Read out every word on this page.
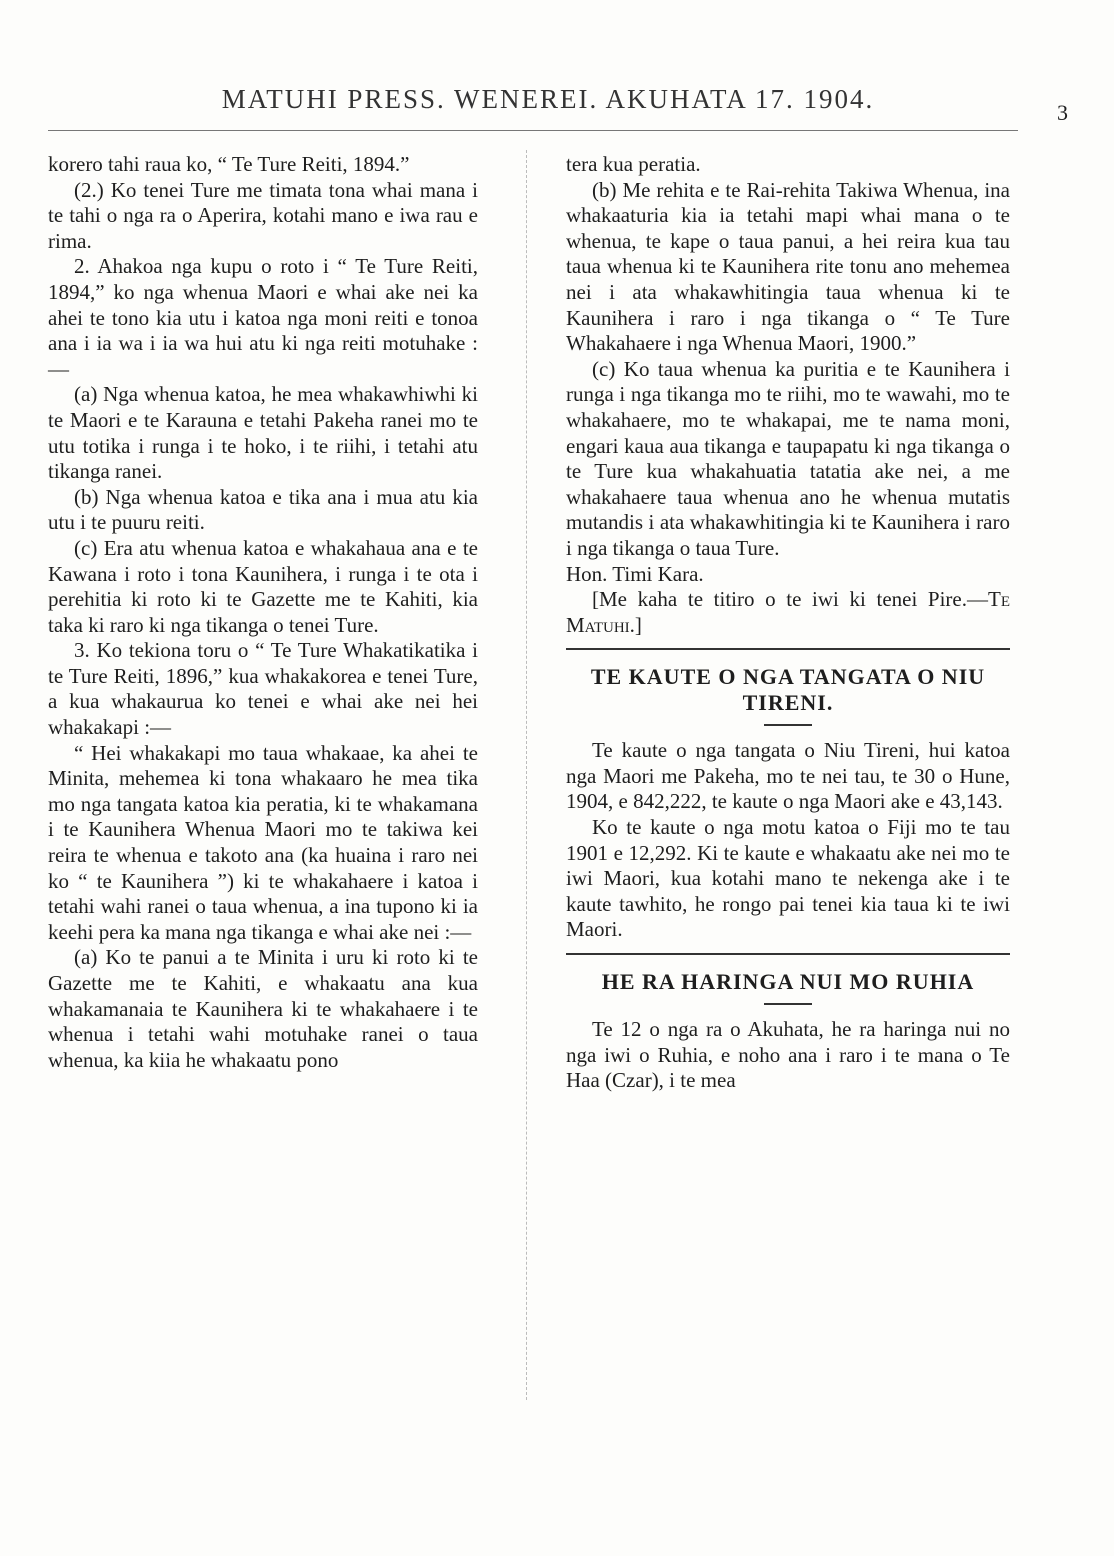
MATUHI PRESS. WENEREI. AKUHATA 17. 1904.	3

korero tahi raua ko, “ Te Ture Reiti, 1894.”

(2.) Ko tenei Ture me timata tona whai mana i te tahi o nga ra o Aperira, kotahi mano e iwa rau e rima.

2. Ahakoa nga kupu o roto i “ Te Ture Reiti, 1894,” ko nga whenua Maori e whai ake nei ka ahei te tono kia utu i katoa nga moni reiti e tonoa ana i ia wa i ia wa hui atu ki nga reiti motuhake :—

(a) Nga whenua katoa, he mea whakawhiwhi ki te Maori e te Karauna e tetahi Pakeha ranei mo te utu totika i runga i te hoko, i te riihi, i tetahi atu tikanga ranei.

(b) Nga whenua katoa e tika ana i mua atu kia utu i te puuru reiti.

(c) Era atu whenua katoa e whakahaua ana e te Kawana i roto i tona Kaunihera, i runga i te ota i perehitia ki roto ki te Gazette me te Kahiti, kia taka ki raro ki nga tikanga o tenei Ture.

3. Ko tekiona toru o “ Te Ture Whakatikatika i te Ture Reiti, 1896,” kua whakakorea e tenei Ture, a kua whakaurua ko tenei e whai ake nei hei whakakapi :—

“ Hei whakakapi mo taua whakaae, ka ahei te Minita, mehemea ki tona whakaaro he mea tika mo nga tangata katoa kia peratia, ki te whakamana i te Kaunihera Whenua Maori mo te takiwa kei reira te whenua e takoto ana (ka huaina i raro nei ko “ te Kaunihera ”) ki te whakahaere i katoa i tetahi wahi ranei o taua whenua, a ina tupono ki ia keehi pera ka mana nga tikanga e whai ake nei :—

(a) Ko te panui a te Minita i uru ki roto ki te Gazette me te Kahiti, e whakaatu ana kua whakamanaia te Kaunihera ki te whakahaere i te whenua i tetahi wahi motuhake ranei o taua whenua, ka kiia he whakaatu pono

tera kua peratia.

(b) Me rehita e te Rai-rehita Takiwa Whenua, ina whakaaturia kia ia tetahi mapi whai mana o te whenua, te kape o taua panui, a hei reira kua tau taua whenua ki te Kaunihera rite tonu ano mehemea nei i ata whakawhitingia taua whenua ki te Kaunihera i raro i nga tikanga o “ Te Ture Whakahaere i nga Whenua Maori, 1900.”

(c) Ko taua whenua ka puritia e te Kaunihera i runga i nga tikanga mo te riihi, mo te wawahi, mo te whakahaere, mo te whakapai, me te nama moni, engari kaua aua tikanga e taupapatu ki nga tikanga o te Ture kua whakahuatia tatatia ake nei, a me whakahaere taua whenua ano he whenua mutatis mutandis i ata whakawhitingia ki te Kaunihera i raro i nga tikanga o taua Ture.

Hon. Timi Kara.

[Me kaha te titiro o te iwi ki tenei Pire.—Te Matuhi.]

TE KAUTE O NGA TANGATA O NIU TIRENI.

Te kaute o nga tangata o Niu Tireni, hui katoa nga Maori me Pakeha, mo te nei tau, te 30 o Hune, 1904, e 842,222, te kaute o nga Maori ake e 43,143.

Ko te kaute o nga motu katoa o Fiji mo te tau 1901 e 12,292. Ki te kaute e whakaatu ake nei mo te iwi Maori, kua kotahi mano te nekenga ake i te kaute tawhito, he rongo pai tenei kia taua ki te iwi Maori.

HE RA HARINGA NUI MO RUHIA

Te 12 o nga ra o Akuhata, he ra haringa nui no nga iwi o Ruhia, e noho ana i raro i te mana o Te Haa (Czar), i te mea
